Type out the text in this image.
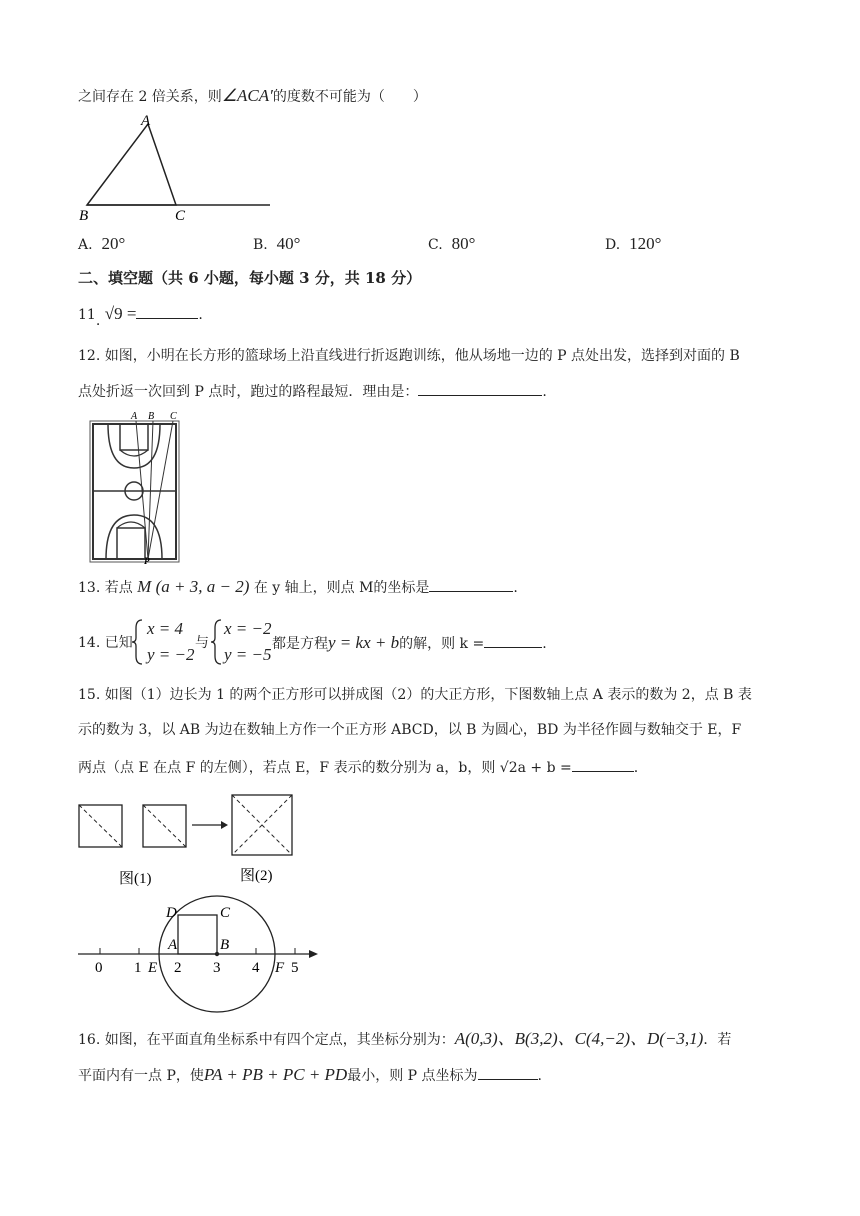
之间存在 2 倍关系，则∠ACA′的度数不可能为（　　）
A
B	C
A. 20°	B. 40°	C. 80°	D. 120°
二、填空题（共 6 小题，每小题 3 分，共 18 分）
11. √9 =	.
12. 如图，小明在长方形的篮球场上沿直线进行折返跑训练，他从场地一边的 P 点处出发，选择到对面的 B
点处折返一次回到 P 点时，跑过的路程最短．理由是：	.
A B C
P
13. 若点 M (a + 3, a − 2) 在 y 轴上，则点 M的坐标是	.
14. 已知
x = 4
y = −2
与
x = −2
y = −5
都是方程y = kx + b的解，则 k =	.
15. 如图（1）边长为 1 的两个正方形可以拼成图（2）的大正方形，下图数轴上点 A 表示的数为 2，点 B 表
示的数为 3，以 AB 为边在数轴上方作一个正方形 ABCD，以 B 为圆心，BD 为半径作圆与数轴交于 E，F
两点（点 E 在点 F 的左侧），若点 E，F 表示的数分别为 a，b，则 √2a + b =	.
图(1)	图(2)
0 1 E 2 3 4 F 5
D	C
A	B
16. 如图，在平面直角坐标系中有四个定点，其坐标分别为：A(0,3)、B(3,2)、C(4,−2)、D(−3,1)．若
平面内有一点 P，使PA + PB + PC + PD最小，则 P 点坐标为	.
